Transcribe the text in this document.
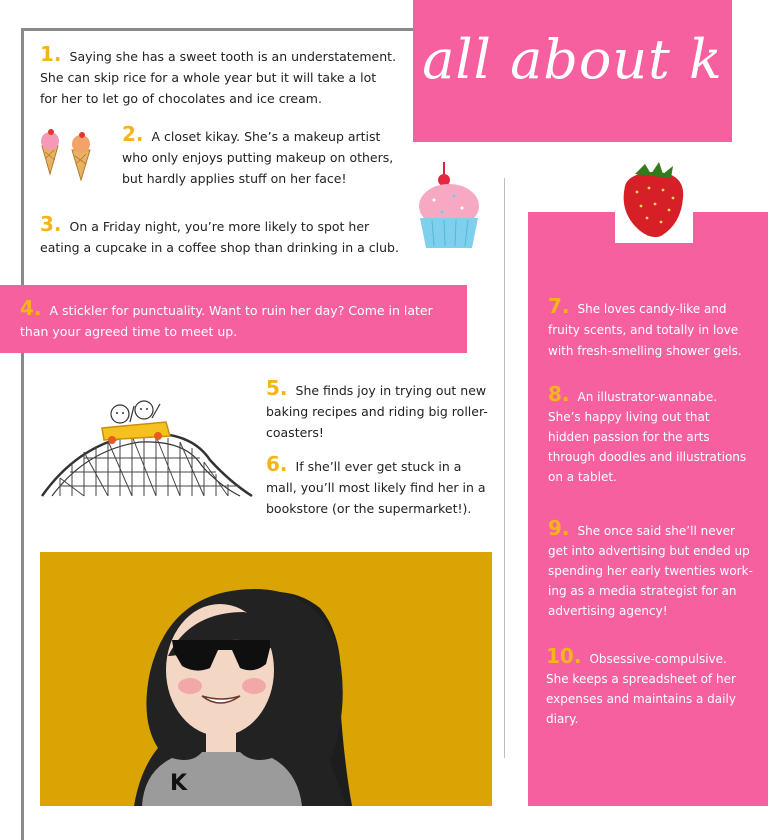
all about k
1. Saying she has a sweet tooth is an understatement.
She can skip rice for a whole year but it will take a lot
for her to let go of chocolates and ice cream.
2. A closet kikay. She’s a makeup artist
who only enjoys putting makeup on others,
but hardly applies stuff on her face!
3. On a Friday night, you’re more likely to spot her
eating a cupcake in a coffee shop than drinking in a club.
4. A stickler for punctuality. Want to ruin her day? Come in later
than your agreed time to meet up.
5. She finds joy in trying out new
baking recipes and riding big roller-
coasters!
6. If she’ll ever get stuck in a
mall, you’ll most likely find her in a
bookstore (or the supermarket!).
K
7. She loves candy-like and
fruity scents, and totally in love
with fresh-smelling shower gels.
8. An illustrator-wannabe.
She’s happy living out that
hidden passion for the arts
through doodles and illustrations
on a tablet.
9. She once said she’ll never
get into advertising but ended up
spending her early twenties work-
ing as a media strategist for an
advertising agency!
10. Obsessive-compulsive.
She keeps a spreadsheet of her
expenses and maintains a daily
diary.
